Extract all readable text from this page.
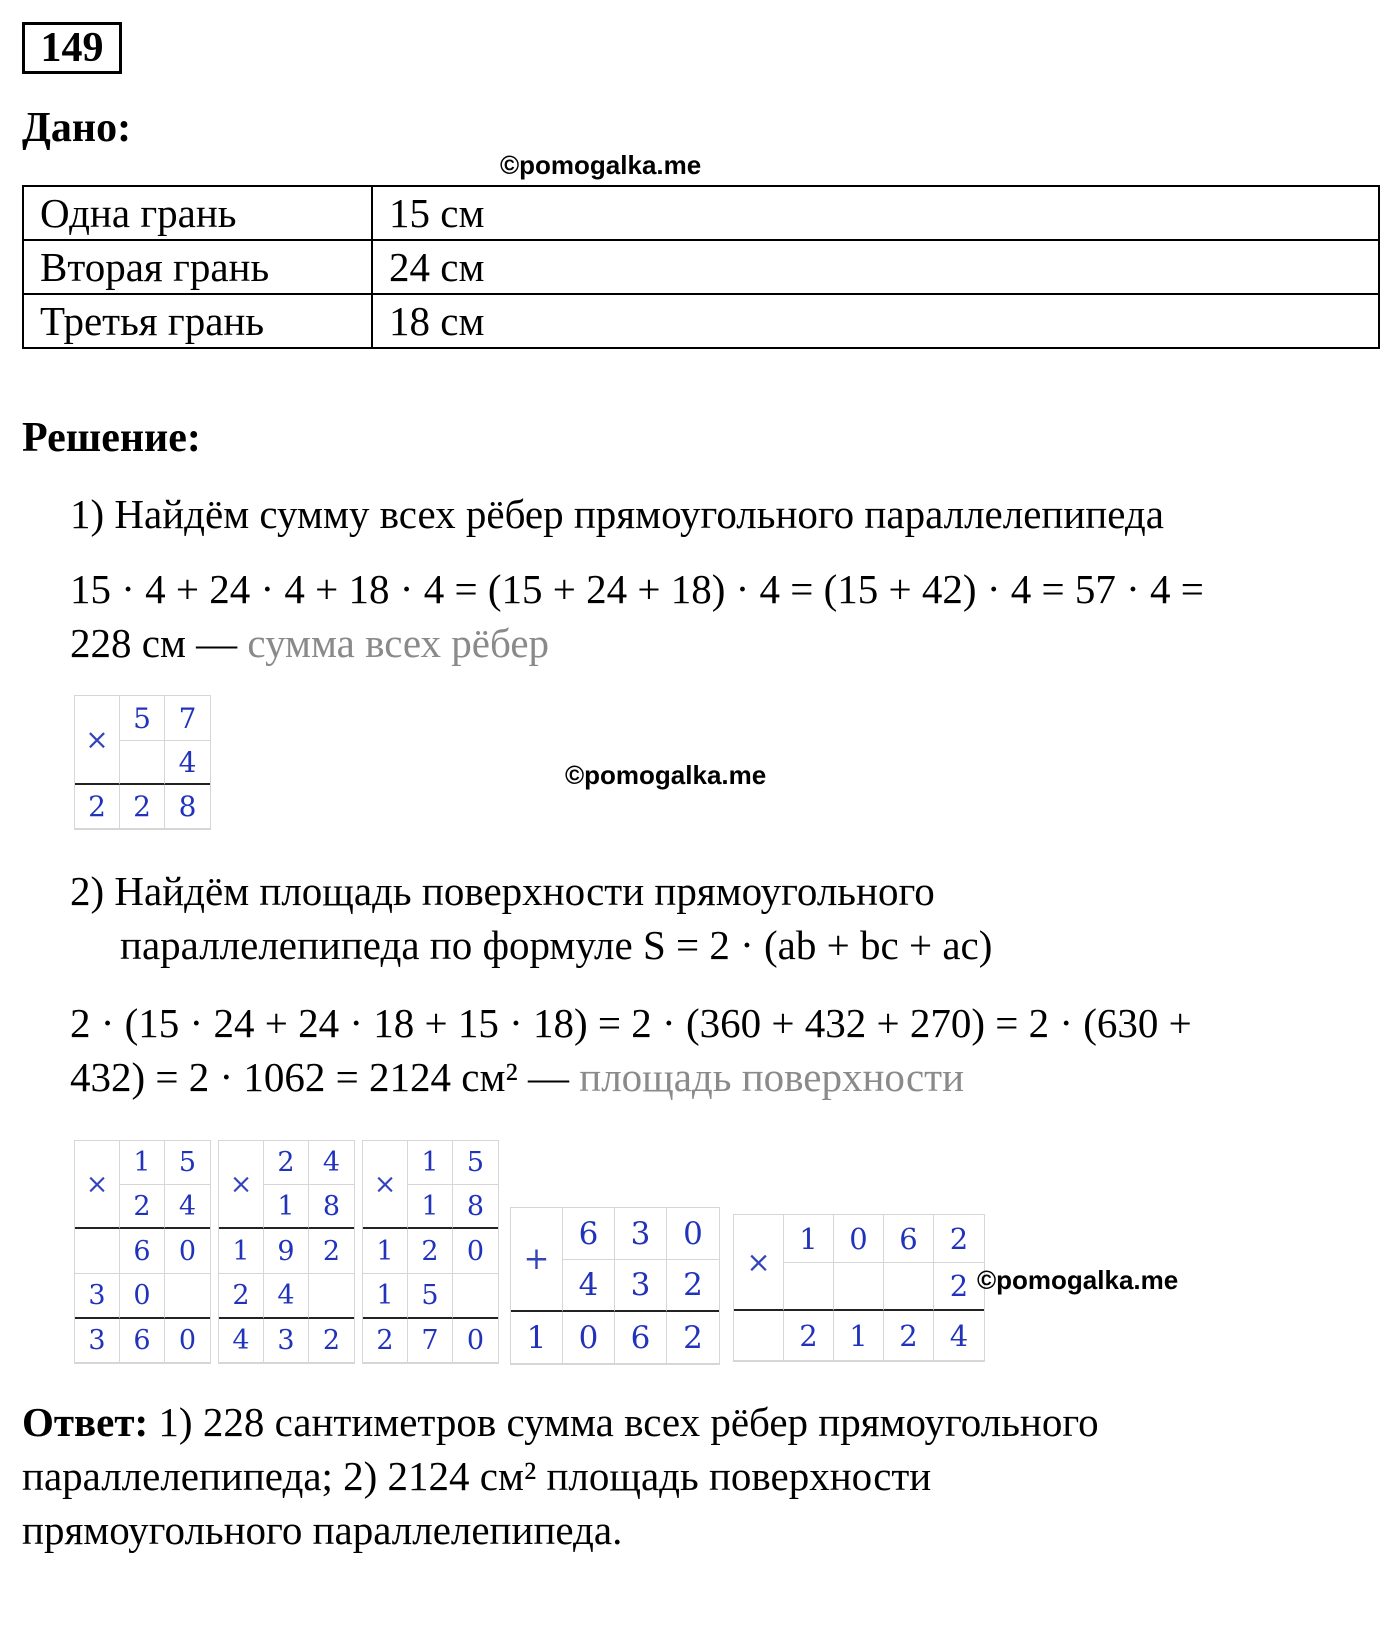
149
Дано:
©pomogalka.me
Одна грань	15 см
Вторая грань	24 см
Третья грань	18 см
Решение:
1) Найдём сумму всех рёбер прямоугольного параллелепипеда
15 · 4 + 24 · 4 + 18 · 4 = (15 + 24 + 18) · 4 = (15 + 42) · 4 = 57 · 4 =
228 см — сумма всех рёбер
×
5 7
4
2 2 8
©pomogalka.me
2) Найдём площадь поверхности прямоугольного
параллелепипеда по формуле S = 2 · (ab + bc + ac)
2 · (15 · 24 + 24 · 18 + 15 · 18) = 2 · (360 + 432 + 270) = 2 · (630 +
432) = 2 · 1062 = 2124 см² — площадь поверхности
×
1	5
2	4
6	0
3	0
3	6	0
×
2	4
1	8
1	9	2
2	4
4	3	2
×
1	5
1	8
1	2	0
1	5
2	7	0
+
6	3	0
4	3	2
1	0	6	2
×
1	0	6	2
2
2	1	2	4
©pomogalka.me
Ответ: 1) 228 сантиметров сумма всех рёбер прямоугольного
параллелепипеда; 2) 2124 см² площадь поверхности
прямоугольного параллелепипеда.
